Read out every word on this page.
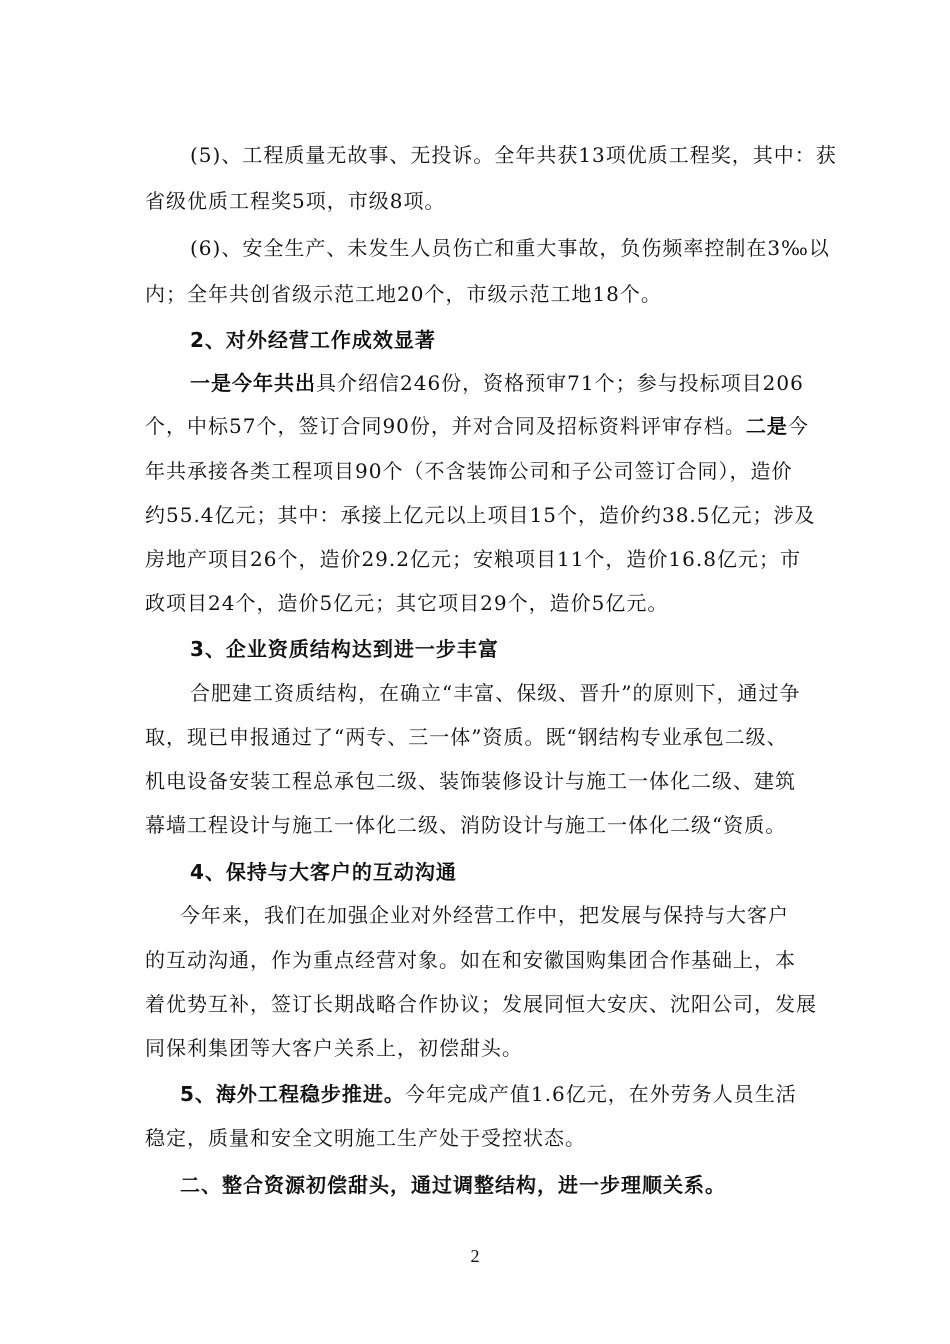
(5)、工程质量无故事、无投诉。全年共获13项优质工程奖，其中：获
省级优质工程奖5项，市级8项。
(6)、安全生产、未发生人员伤亡和重大事故，负伤频率控制在3‰以
内；全年共创省级示范工地20个，市级示范工地18个。
2、对外经营工作成效显著
一是今年共出具介绍信246份，资格预审71个；参与投标项目206
个，中标57个，签订合同90份，并对合同及招标资料评审存档。二是今
年共承接各类工程项目90个（不含装饰公司和子公司签订合同），造价
约55.4亿元；其中：承接上亿元以上项目15个，造价约38.5亿元；涉及
房地产项目26个，造价29.2亿元；安粮项目11个，造价16.8亿元；市
政项目24个，造价5亿元；其它项目29个，造价5亿元。
3、企业资质结构达到进一步丰富
合肥建工资质结构，在确立“丰富、保级、晋升”的原则下，通过争
取，现已申报通过了“两专、三一体”资质。既“钢结构专业承包二级、
机电设备安装工程总承包二级、装饰装修设计与施工一体化二级、建筑
幕墙工程设计与施工一体化二级、消防设计与施工一体化二级“资质。
4、保持与大客户的互动沟通
今年来，我们在加强企业对外经营工作中，把发展与保持与大客户
的互动沟通，作为重点经营对象。如在和安徽国购集团合作基础上，本
着优势互补，签订长期战略合作协议；发展同恒大安庆、沈阳公司，发展
同保利集团等大客户关系上，初偿甜头。
5、海外工程稳步推进。今年完成产值1.6亿元，在外劳务人员生活
稳定，质量和安全文明施工生产处于受控状态。
二、整合资源初偿甜头，通过调整结构，进一步理顺关系。
2
